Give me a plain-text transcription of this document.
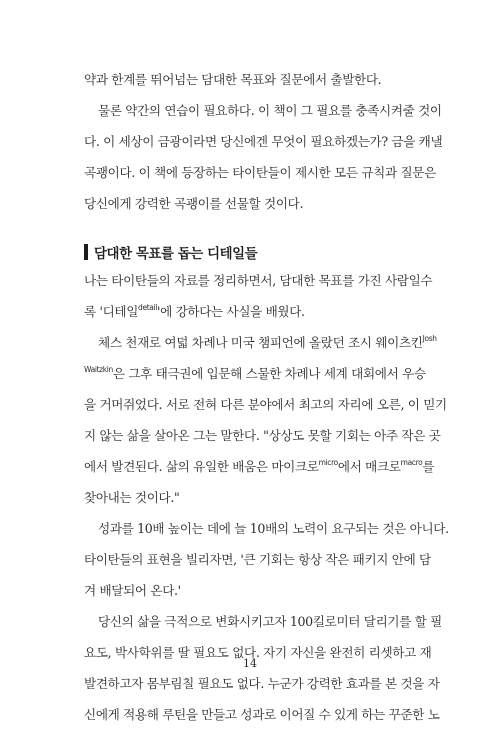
약과 한계를 뛰어넘는 담대한 목표와 질문에서 출발한다.
물론 약간의 연습이 필요하다. 이 책이 그 필요를 충족시켜줄 것이
다. 이 세상이 금광이라면 당신에겐 무엇이 필요하겠는가? 금을 캐낼
곡괭이다. 이 책에 등장하는 타이탄들이 제시한 모든 규칙과 질문은
당신에게 강력한 곡괭이를 선물할 것이다.
담대한 목표를 돕는 디테일들
나는 타이탄들의 자료를 정리하면서, 담대한 목표를 가진 사람일수
록 '디테일$^{detail}$'에 강하다는 사실을 배웠다.
체스 천재로 여덟 차례나 미국 챔피언에 올랐던 조시 웨이츠킨$^{Josh}$
$^{Waitzkin}$은 그후 태극권에 입문해 스물한 차례나 세계 대회에서 우승
을 거머쥐었다. 서로 전혀 다른 분야에서 최고의 자리에 오른, 이 믿기
지 않는 삶을 살아온 그는 말한다. "상상도 못할 기회는 아주 작은 곳
에서 발견된다. 삶의 유일한 배움은 마이크로$^{micro}$에서 매크로$^{macro}$를
찾아내는 것이다."
성과를 10배 높이는 데에 늘 10배의 노력이 요구되는 것은 아니다.
타이탄들의 표현을 빌리자면, '큰 기회는 항상 작은 패키지 안에 담
겨 배달되어 온다.'
당신의 삶을 극적으로 변화시키고자 100킬로미터 달리기를 할 필
요도, 박사학위를 딸 필요도 없다. 자기 자신을 완전히 리셋하고 재
발견하고자 몸부림칠 필요도 없다. 누군가 강력한 효과를 본 것을 자
신에게 적용해 루틴을 만들고 성과로 이어질 수 있게 하는 꾸준한 노
14
